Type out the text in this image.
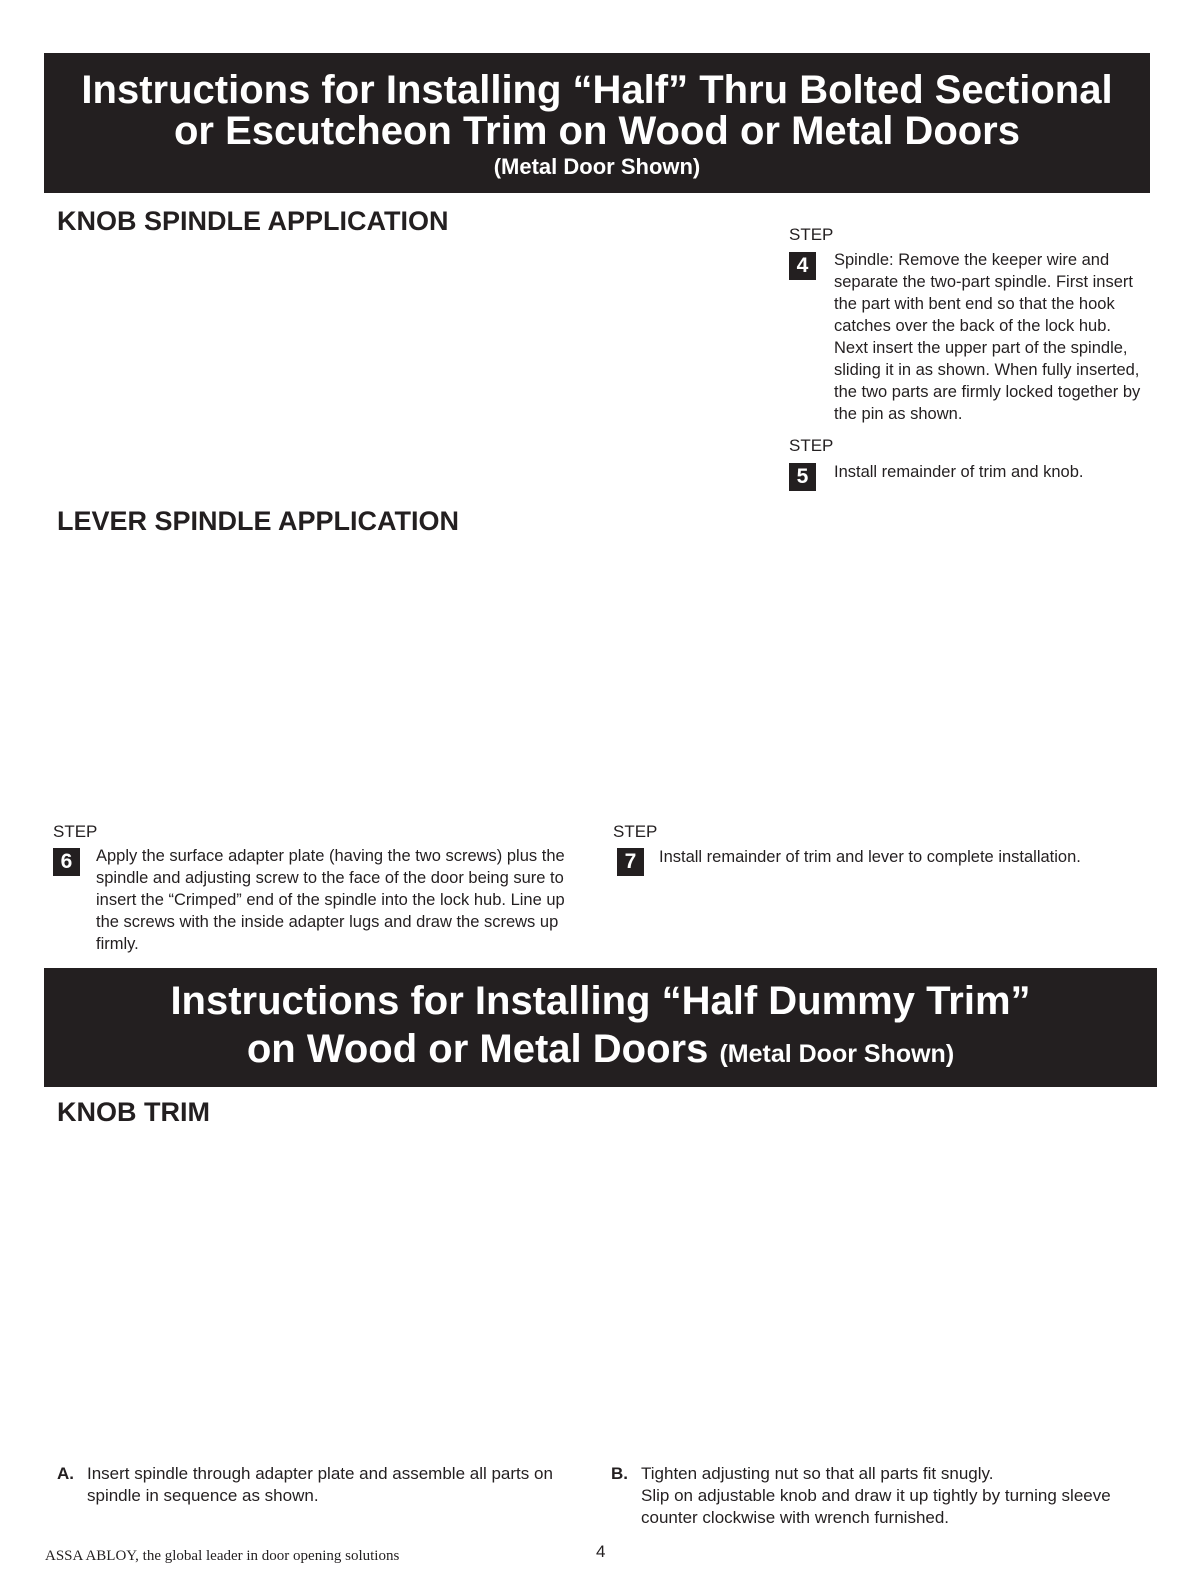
Instructions for Installing “Half” Thru Bolted Sectional
or Escutcheon Trim on Wood or Metal Doors
(Metal Door Shown)
KNOB SPINDLE APPLICATION	STEP
4	Spindle: Remove the keeper wire and separate the two-part spindle. First insert the part with bent end so that the hook catches over the back of the lock hub. Next insert the upper part of the spindle, sliding it in as shown. When fully inserted, the two parts are firmly locked together by the pin as shown.
STEP
5	Install remainder of trim and knob.
LEVER SPINDLE APPLICATION
STEP
6	Apply the surface adapter plate (having the two screws) plus the spindle and adjusting screw to the face of the door being sure to insert the “Crimped” end of the spindle into the lock hub. Line up the screws with the inside adapter lugs and draw the screws up firmly.
STEP
7	Install remainder of trim and lever to complete installation.
Instructions for Installing “Half Dummy Trim”
on Wood or Metal Doors (Metal Door Shown)
KNOB TRIM
A. Insert spindle through adapter plate and assemble all parts on spindle in sequence as shown.
B. Tighten adjusting nut so that all parts fit snugly.
Slip on adjustable knob and draw it up tightly by turning sleeve counter clockwise with wrench furnished.
ASSA ABLOY, the global leader in door opening solutions	4
